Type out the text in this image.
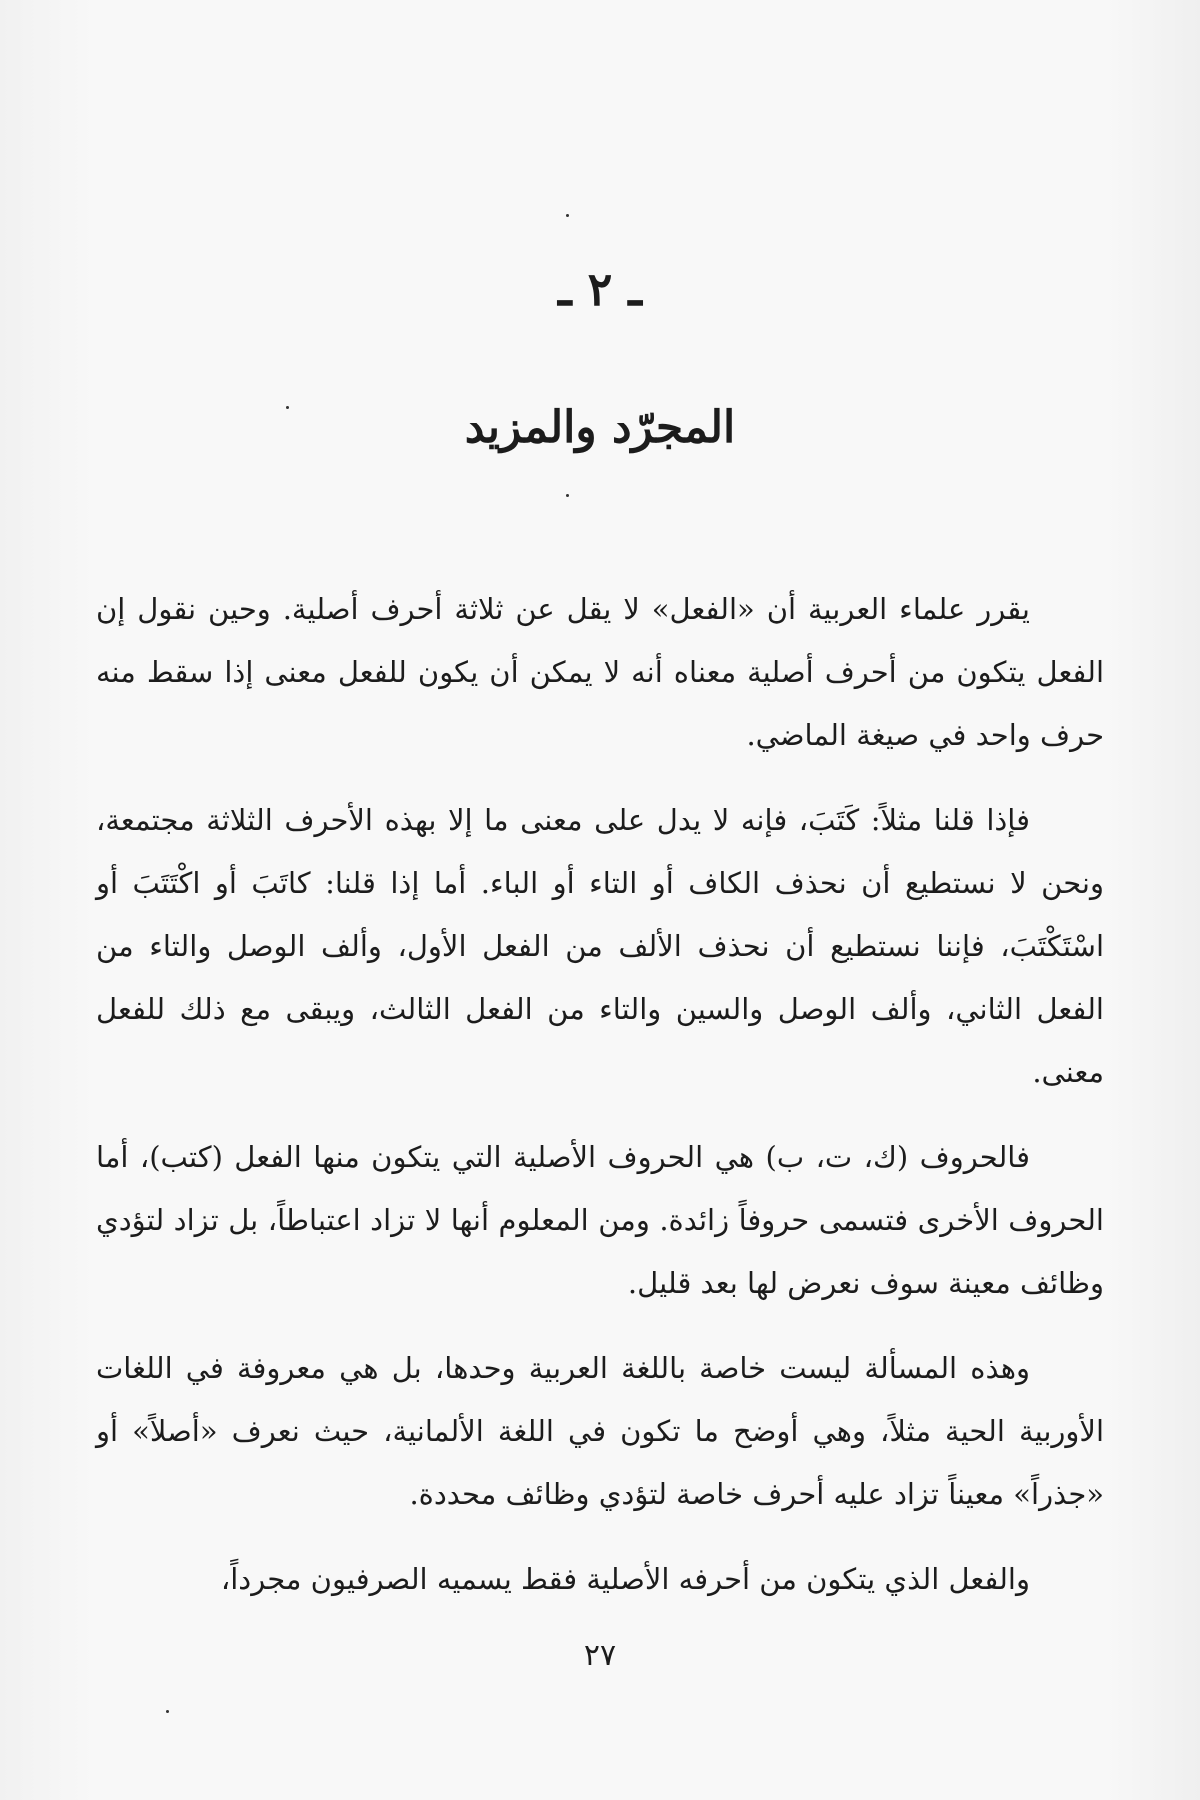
ـ ٢ ـ
المجرّد والمزيد

يقرر علماء العربية أن «الفعل» لا يقل عن ثلاثة أحرف أصلية. وحين نقول إن الفعل يتكون من أحرف أصلية معناه أنه لا يمكن أن يكون للفعل معنى إذا سقط منه حرف واحد في صيغة الماضي.

فإذا قلنا مثلاً: كَتَبَ، فإنه لا يدل على معنى ما إلا بهذه الأحرف الثلاثة مجتمعة، ونحن لا نستطيع أن نحذف الكاف أو التاء أو الباء. أما إذا قلنا: كاتَبَ أو اكْتَتَبَ أو اسْتَكْتَبَ، فإننا نستطيع أن نحذف الألف من الفعل الأول، وألف الوصل والتاء من الفعل الثاني، وألف الوصل والسين والتاء من الفعل الثالث، ويبقى مع ذلك للفعل معنى.

فالحروف (ك، ت، ب) هي الحروف الأصلية التي يتكون منها الفعل (كتب)، أما الحروف الأخرى فتسمى حروفاً زائدة. ومن المعلوم أنها لا تزاد اعتباطاً، بل تزاد لتؤدي وظائف معينة سوف نعرض لها بعد قليل.

وهذه المسألة ليست خاصة باللغة العربية وحدها، بل هي معروفة في اللغات الأوربية الحية مثلاً، وهي أوضح ما تكون في اللغة الألمانية، حيث نعرف «أصلاً» أو «جذراً» معيناً تزاد عليه أحرف خاصة لتؤدي وظائف محددة.

والفعل الذي يتكون من أحرفه الأصلية فقط يسميه الصرفيون مجرداً،

٢٧
